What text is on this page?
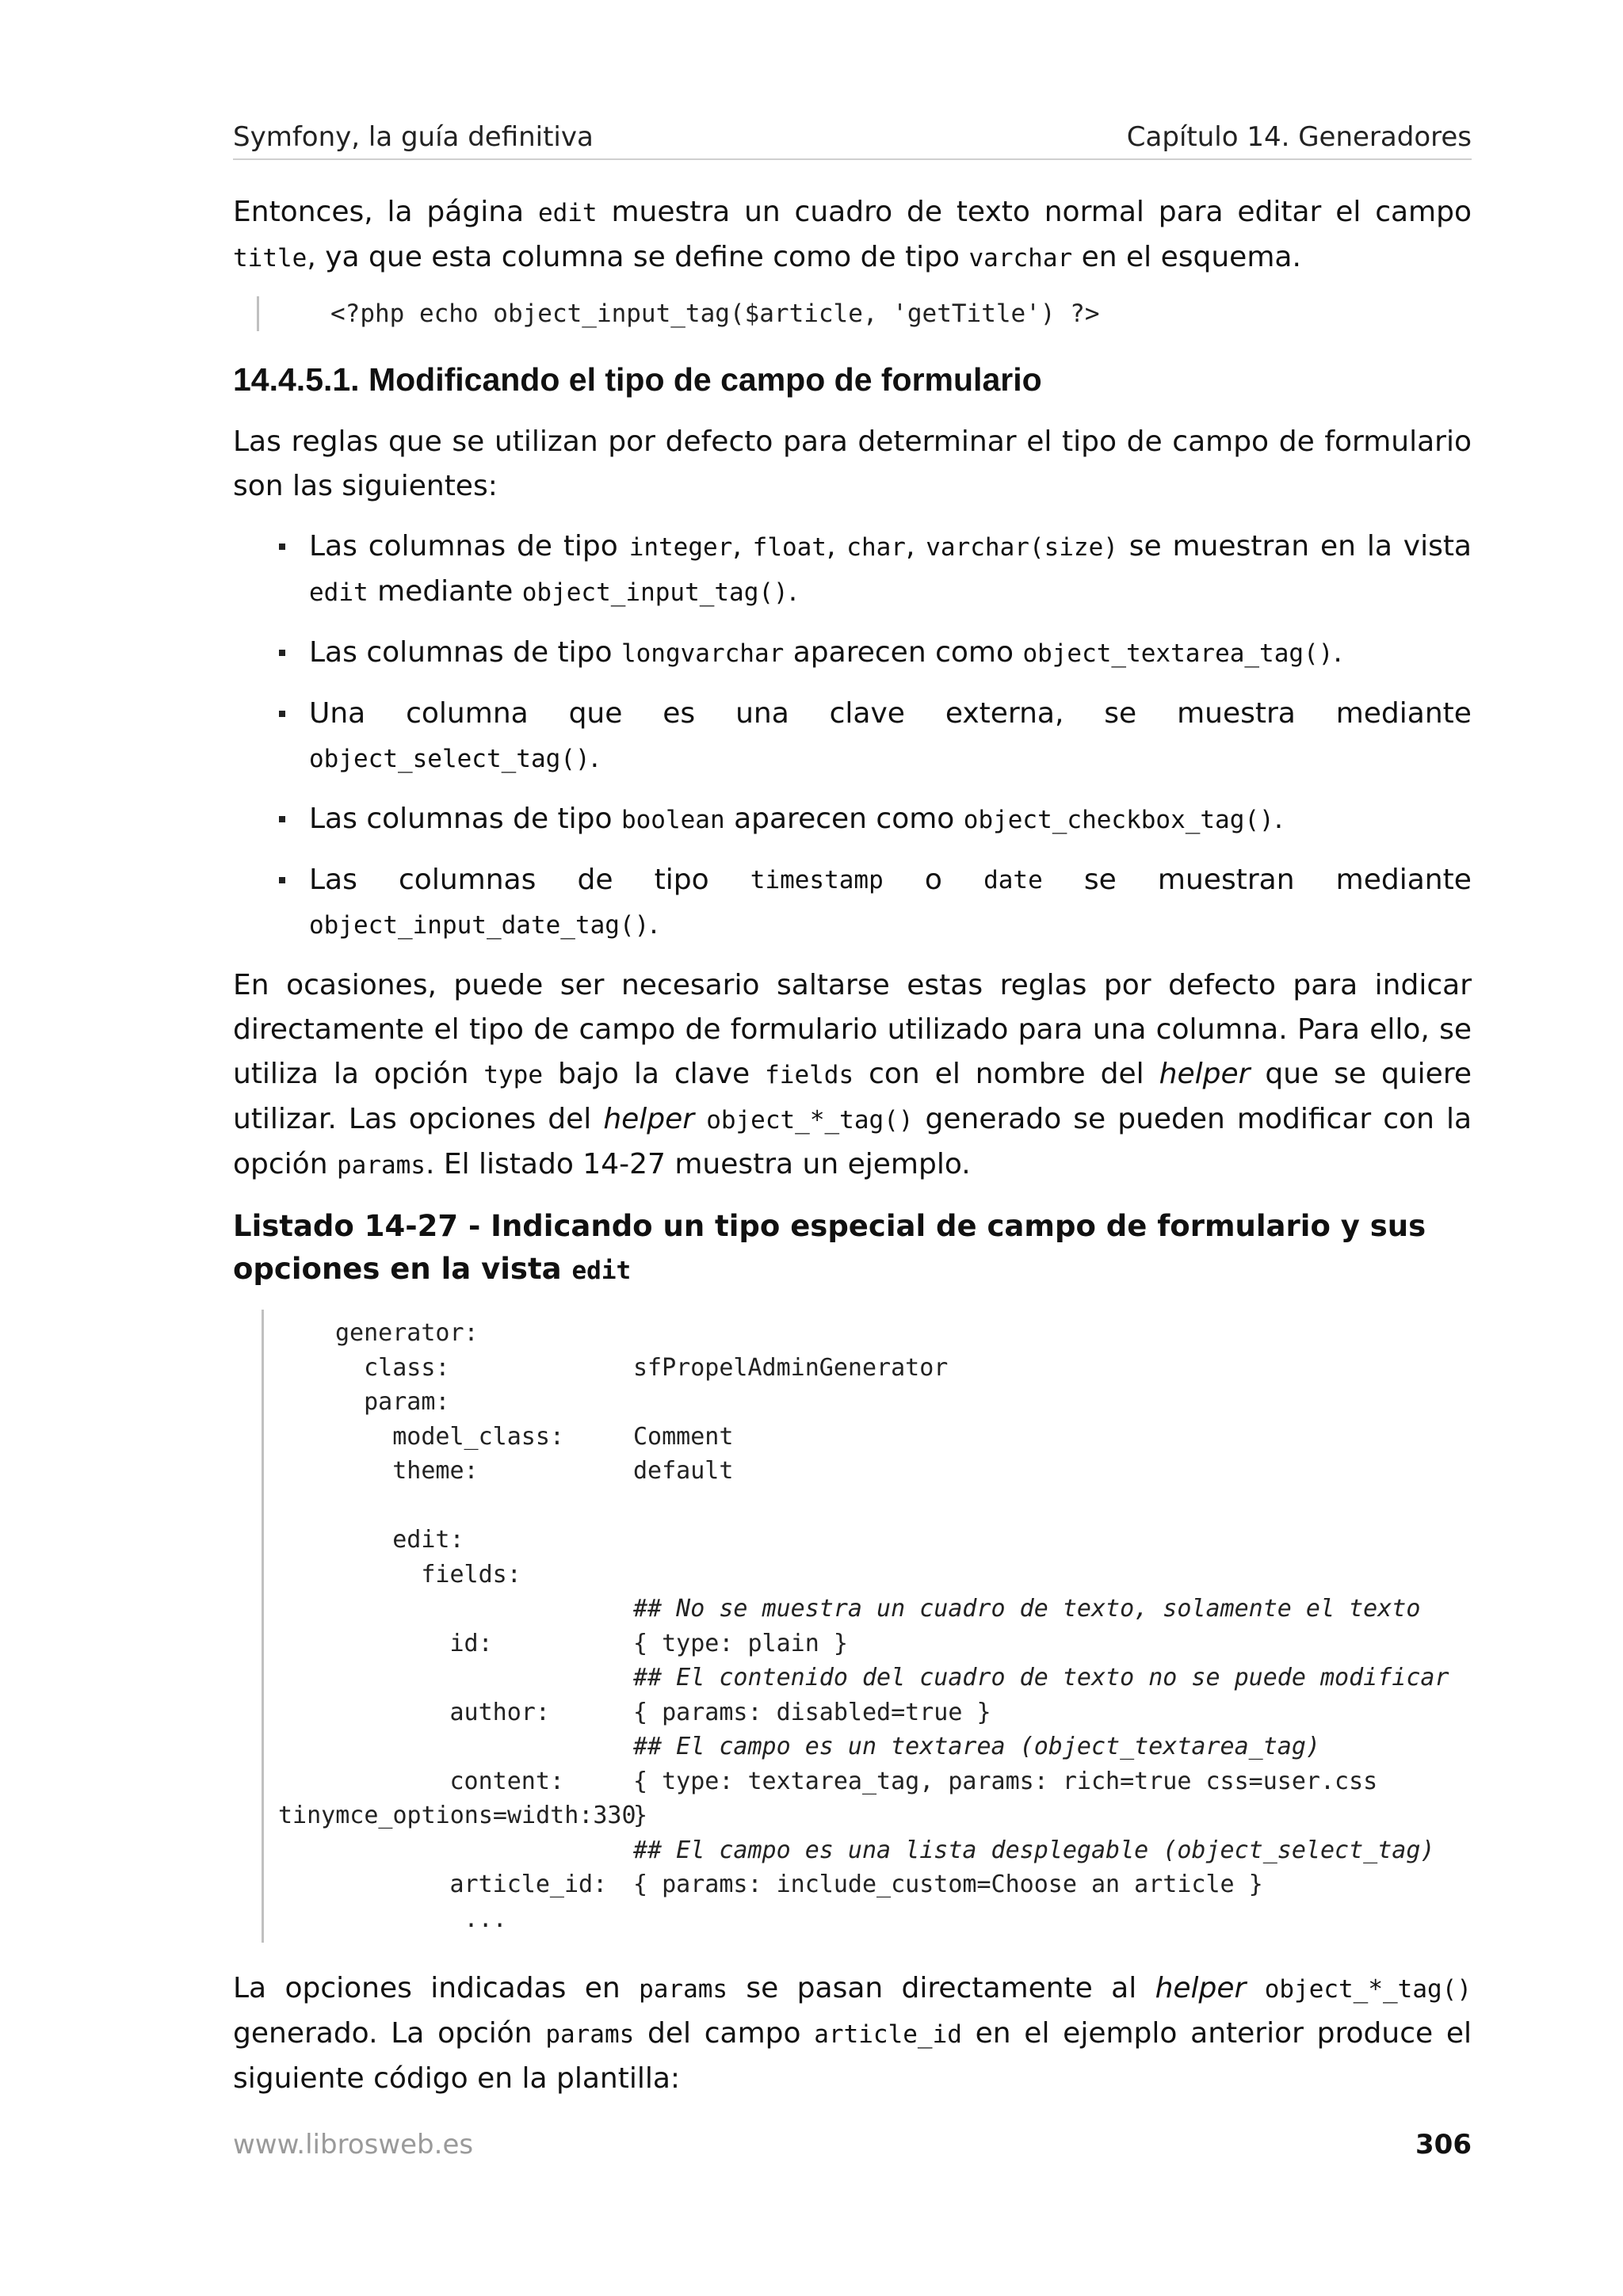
Symfony, la guía definitiva	Capítulo 14. Generadores

Entonces, la página edit muestra un cuadro de texto normal para editar el campo title, ya que esta columna se define como de tipo varchar en el esquema.

<?php echo object_input_tag($article, 'getTitle') ?>
14.4.5.1. Modificando el tipo de campo de formulario

Las reglas que se utilizan por defecto para determinar el tipo de campo de formulario son las siguientes:

Las columnas de tipo integer, float, char, varchar(size) se muestran en la vista edit mediante object_input_tag().
Las columnas de tipo longvarchar aparecen como object_textarea_tag().
Una columna que es una clave externa, se muestra mediante
object_select_tag().
Las columnas de tipo boolean aparecen como object_checkbox_tag().
Las columnas de tipo timestamp o date se muestran mediante
object_input_date_tag().

En ocasiones, puede ser necesario saltarse estas reglas por defecto para indicar directamente el tipo de campo de formulario utilizado para una columna. Para ello, se utiliza la opción type bajo la clave fields con el nombre del helper que se quiere utilizar. Las opciones del helper object_*_tag() generado se pueden modificar con la opción params. El listado 14-27 muestra un ejemplo.

Listado 14-27 - Indicando un tipo especial de campo de formulario y sus opciones en la vista edit
generator:
class:	sfPropelAdminGenerator
param:
model_class:	Comment
theme:	default
edit:
fields:
## No se muestra un cuadro de texto, solamente el texto
id:	{ type: plain }
## El contenido del cuadro de texto no se puede modificar
author:	{ params: disabled=true }
## El campo es un textarea (object_textarea_tag)
content:	{ type: textarea_tag, params: rich=true css=user.css
tinymce_options=width:330
}
## El campo es una lista desplegable (object_select_tag)
article_id: { params: include_custom=Choose an article }
...

La opciones indicadas en params se pasan directamente al helper object_*_tag() generado. La opción params del campo article_id en el ejemplo anterior produce el siguiente código en la plantilla:

www.librosweb.es	306
